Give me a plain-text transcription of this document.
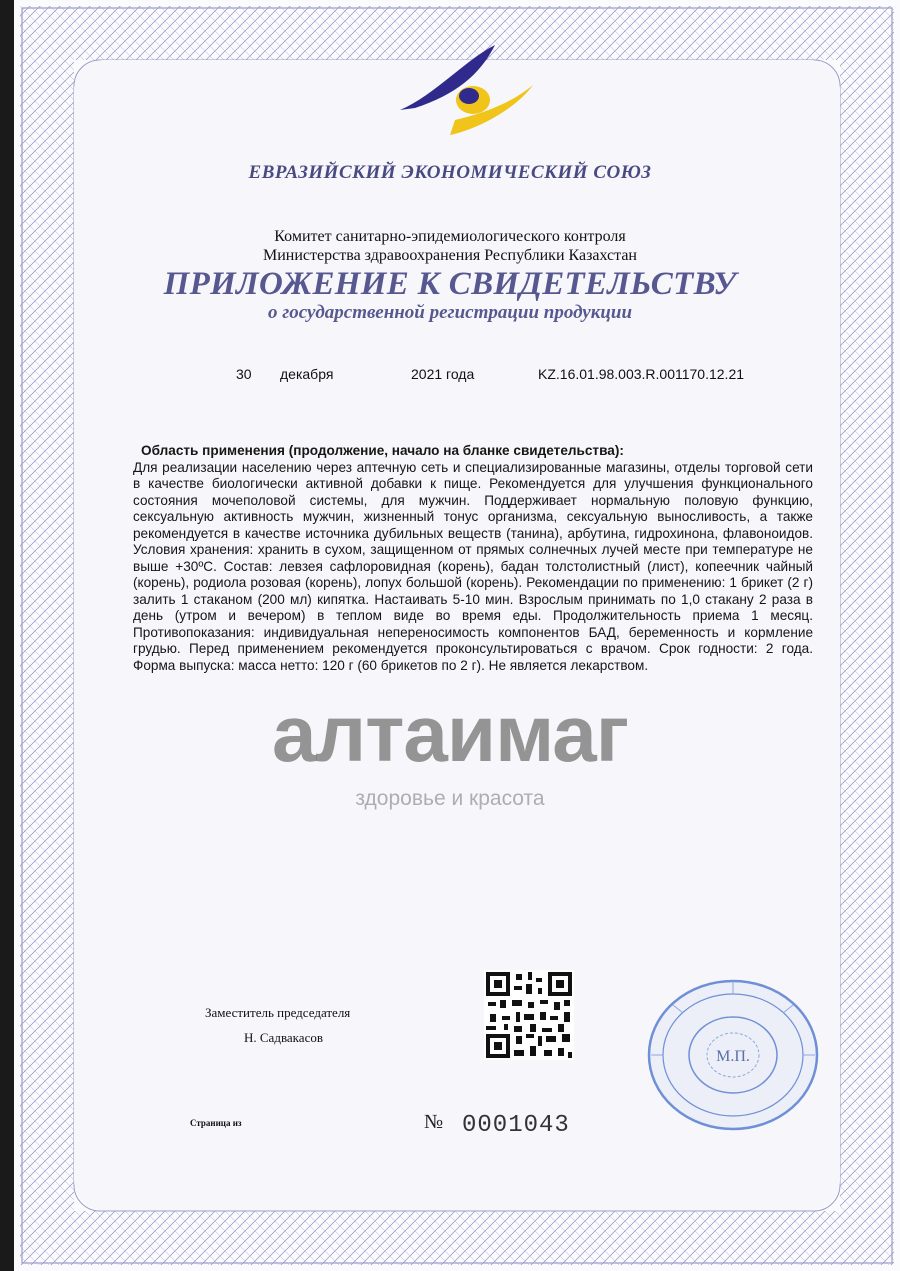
ЕВРАЗИЙСКИЙ ЭКОНОМИЧЕСКИЙ СОЮЗ
Комитет санитарно-эпидемиологического контроля
Министерства здравоохранения Республики Казахстан
ПРИЛОЖЕНИЕ К СВИДЕТЕЛЬСТВУ
о государственной регистрации продукции
30 декабря	2021 года	KZ.16.01.98.003.R.001170.12.21
Область применения (продолжение, начало на бланке свидетельства):
Для реализации населению через аптечную сеть и специализированные магазины, отделы торговой сети в качестве биологически активной добавки к пище. Рекомендуется для улучшения функционального состояния мочеполовой системы, для мужчин. Поддерживает нормальную половую функцию, сексуальную активность мужчин, жизненный тонус организма, сексуальную выносливость, а также рекомендуется в качестве источника дубильных веществ (танина), арбутина, гидрохинона, флавоноидов. Условия хранения: хранить в сухом, защищенном от прямых солнечных лучей месте при температуре не выше +30ºС. Состав: левзея сафлоровидная (корень), бадан толстолистный (лист), копеечник чайный (корень), родиола розовая (корень), лопух большой (корень). Рекомендации по применению: 1 брикет (2 г) залить 1 стаканом (200 мл) кипятка. Настаивать 5-10 мин. Взрослым принимать по 1,0 стакану 2 раза в день (утром и вечером) в теплом виде во время еды. Продолжительность приема 1 месяц. Противопоказания: индивидуальная непереносимость компонентов БАД, беременность и кормление грудью. Перед применением рекомендуется проконсультироваться с врачом. Срок годности: 2 года. Форма выпуска: масса нетто: 120 г (60 брикетов по 2 г). Не является лекарством.
алтаимаг
здоровье и красота
Заместитель председателя
Н. Садвакасов
М.П.
Страница из	№ 0001043
